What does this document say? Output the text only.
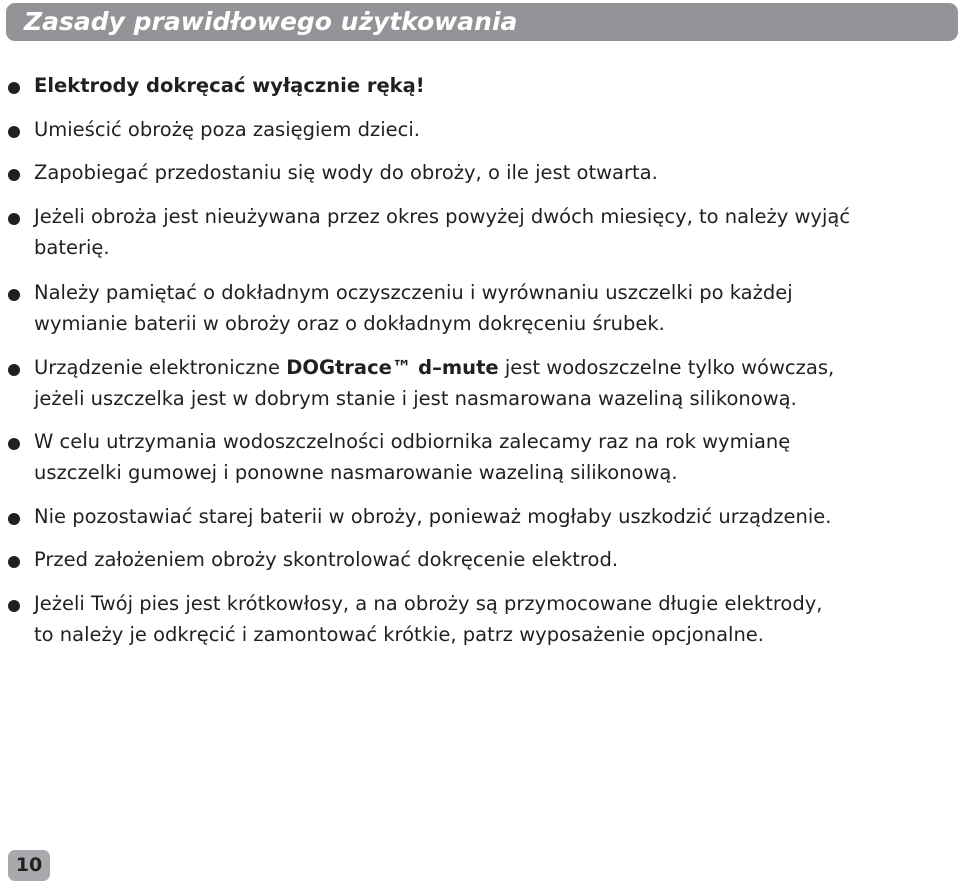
Zasady prawidłowego użytkowania
Elektrody dokręcać wyłącznie ręką!
Umieścić obrożę poza zasięgiem dzieci.
Zapobiegać przedostaniu się wody do obroży, o ile jest otwarta.
Jeżeli obroża jest nieużywana przez okres powyżej dwóch miesięcy, to należy wyjąć
baterię.
Należy pamiętać o dokładnym oczyszczeniu i wyrównaniu uszczelki po każdej
wymianie baterii w obroży oraz o dokładnym dokręceniu śrubek.
Urządzenie elektroniczne DOGtrace™ d–mute jest wodoszczelne tylko wówczas,
jeżeli uszczelka jest w dobrym stanie i jest nasmarowana wazeliną silikonową.
W celu utrzymania wodoszczelności odbiornika zalecamy raz na rok wymianę
uszczelki gumowej i ponowne nasmarowanie wazeliną silikonową.
Nie pozostawiać starej baterii w obroży, ponieważ mogłaby uszkodzić urządzenie.
Przed założeniem obroży skontrolować dokręcenie elektrod.
Jeżeli Twój pies jest krótkowłosy, a na obroży są przymocowane długie elektrody,
to należy je odkręcić i zamontować krótkie, patrz wyposażenie opcjonalne.
10
